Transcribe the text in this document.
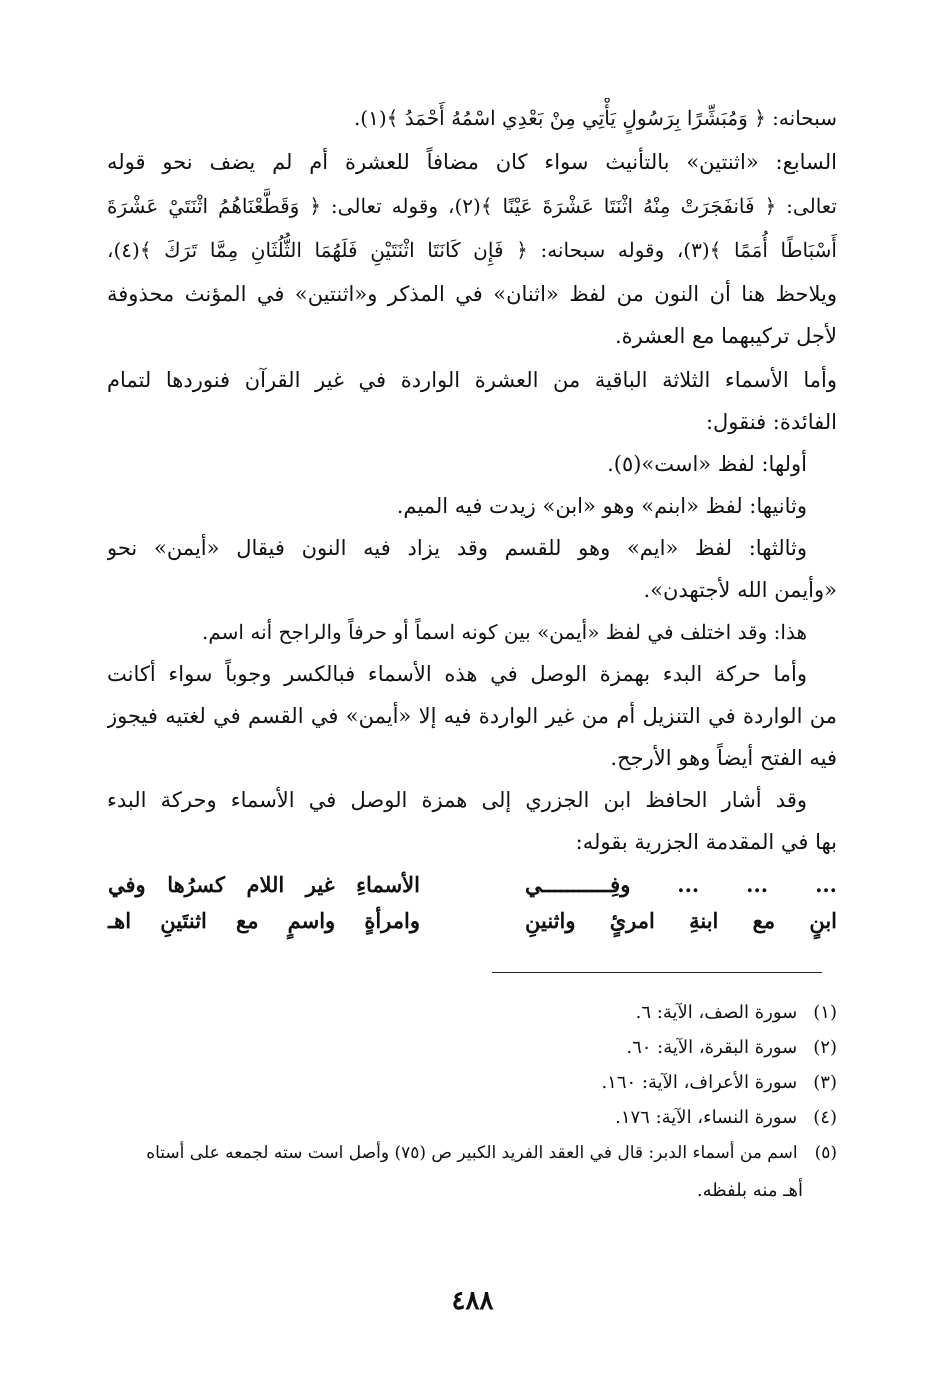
سبحانه: ﴿ وَمُبَشِّرًا بِرَسُولٍ يَأْتِي مِنْ بَعْدِي اسْمُهُ أَحْمَدُ ﴾(١).
السابع: «اثنتين» بالتأنيث سواء كان مضافاً للعشرة أم لم يضف نحو قوله
تعالى: ﴿ فَانفَجَرَتْ مِنْهُ اثْنَتَا عَشْرَةَ عَيْنًا ﴾(٢)، وقوله تعالى: ﴿ وَقَطَّعْنَاهُمُ اثْنَتَيْ عَشْرَةَ
أَسْبَاطًا أُمَمًا ﴾(٣)، وقوله سبحانه: ﴿ فَإِن كَانَتَا اثْنَتَيْنِ فَلَهُمَا الثُّلُثَانِ مِمَّا تَرَكَ ﴾(٤)،
ويلاحظ هنا أن النون من لفظ «اثنان» في المذكر و«اثنتين» في المؤنث محذوفة
لأجل تركيبهما مع العشرة.
وأما الأسماء الثلاثة الباقية من العشرة الواردة في غير القرآن فنوردها لتمام
الفائدة: فنقول:
أولها: لفظ «است»(٥).
وثانيها: لفظ «ابنم» وهو «ابن» زيدت فيه الميم.
وثالثها: لفظ «ايم» وهو للقسم وقد يزاد فيه النون فيقال «أيمن» نحو
«وأيمن الله لأجتهدن».
هذا: وقد اختلف في لفظ «أيمن» بين كونه اسماً أو حرفاً والراجح أنه اسم.
وأما حركة البدء بهمزة الوصل في هذه الأسماء فبالكسر وجوباً سواء أكانت
من الواردة في التنزيل أم من غير الواردة فيه إلا «أيمن» في القسم في لغتيه فيجوز
فيه الفتح أيضاً وهو الأرجح.
وقد أشار الحافظ ابن الجزري إلى همزة الوصل في الأسماء وحركة البدء
بها في المقدمة الجزرية بقوله:
... ... ... وفِـــــــــــي
الأسماءِ غير اللام كسرُها وفي
ابنٍ مع ابنةِ امرئٍ واثنينِ
وامرأةٍ واسمٍ مع اثنتَينِ اهـ
(١) سورة الصف، الآية: ٦.
(٢) سورة البقرة، الآية: ٦٠.
(٣) سورة الأعراف، الآية: ١٦٠.
(٤) سورة النساء، الآية: ١٧٦.
(٥) اسم من أسماء الدبر: قال في العقد الفريد الكبير ص (٧٥) وأصل است سته لجمعه على أستاه
أهـ منه بلفظه.
٤٨٨
